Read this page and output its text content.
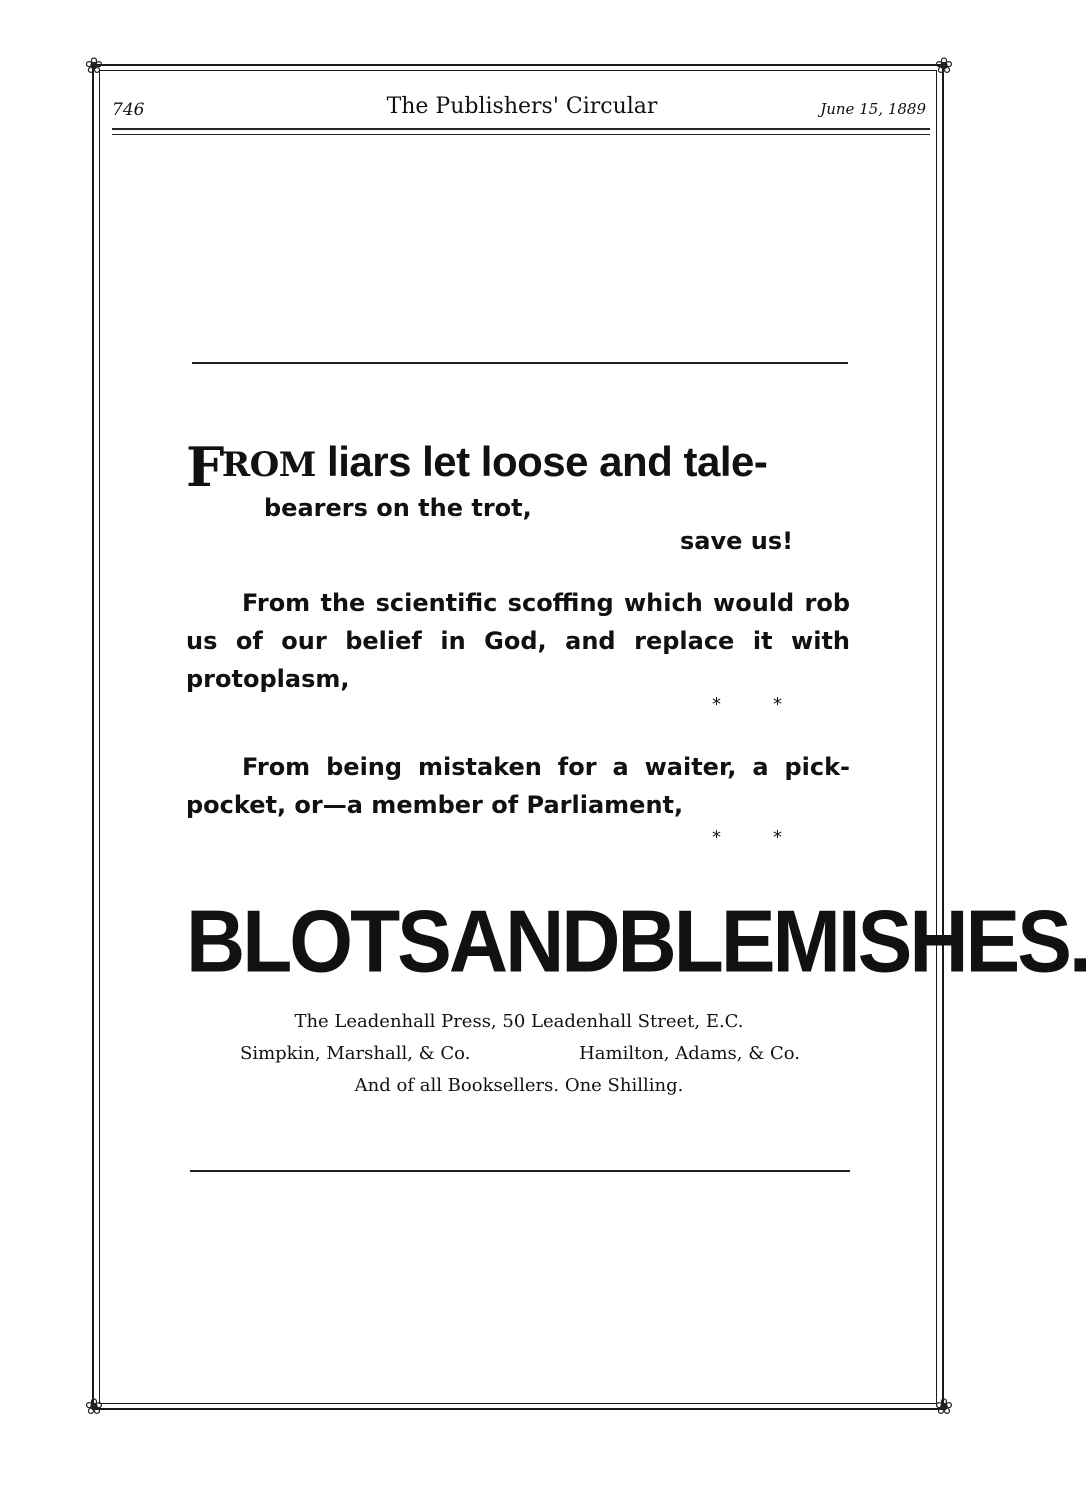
❀	❀
❀	❀
746	The Publishers' Circular	June 15, 1889
FROM liars let loose and tale-
bearers on the trot,
save us!
From the scientific scoffing which would rob us of our belief in God, and replace it with protoplasm,
**
From being mistaken for a waiter, a pick-pocket, or—a member of Parliament,
**
BLOTS AND BLEMISHES.
The Leadenhall Press, 50 Leadenhall Street, E.C.
Simpkin, Marshall, & Co.	Hamilton, Adams, & Co.
And of all Booksellers. One Shilling.
